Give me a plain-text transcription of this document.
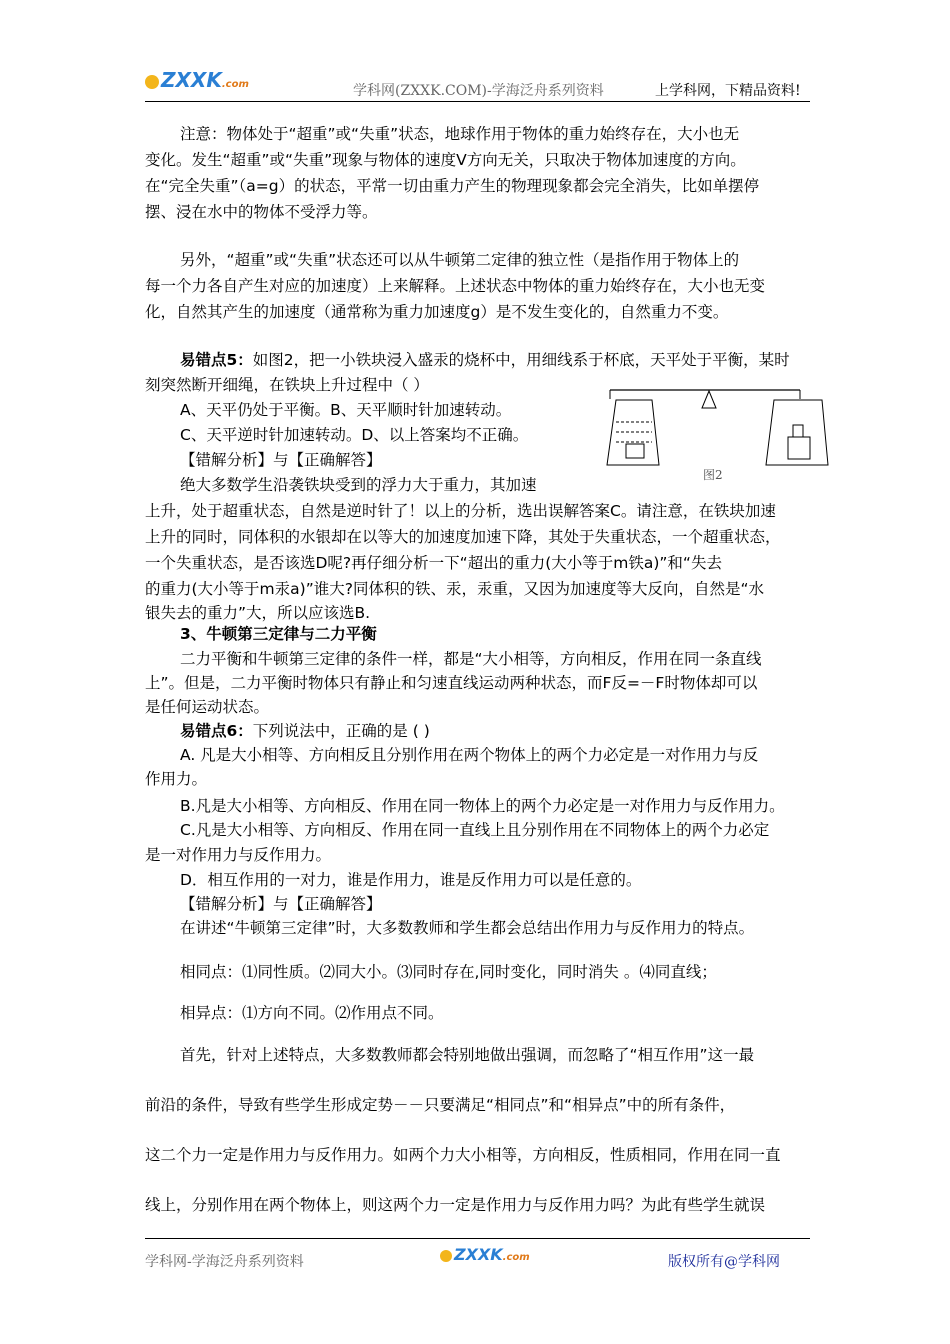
ZXXK.com	学科网(ZXXK.COM)-学海泛舟系列资料	上学科网，下精品资料!
注意：物体处于“超重”或“失重”状态，地球作用于物体的重力始终存在，大小也无
变化。发生“超重”或“失重”现象与物体的速度V方向无关，只取决于物体加速度的方向。
在“完全失重”（a=g）的状态，平常一切由重力产生的物理现象都会完全消失，比如单摆停
摆、浸在水中的物体不受浮力等。
另外，“超重”或“失重”状态还可以从牛顿第二定律的独立性（是指作用于物体上的
每一个力各自产生对应的加速度）上来解释。上述状态中物体的重力始终存在，大小也无变
化，自然其产生的加速度（通常称为重力加速度g）是不发生变化的，自然重力不变。
易错点5：如图2，把一小铁块浸入盛汞的烧杯中，用细线系于杯底，天平处于平衡，某时
刻突然断开细绳，在铁块上升过程中（ ）
A、天平仍处于平衡。B、天平顺时针加速转动。
C、天平逆时针加速转动。D、以上答案均不正确。
【错解分析】与【正确解答】
绝大多数学生沿袭铁块受到的浮力大于重力，其加速
上升，处于超重状态，自然是逆时针了！以上的分析，选出误解答案C。请注意，在铁块加速
上升的同时，同体积的水银却在以等大的加速度加速下降，其处于失重状态，一个超重状态，
一个失重状态，是否该选D呢?再仔细分析一下“超出的重力(大小等于m铁a)”和“失去
的重力(大小等于m汞a)”谁大?同体积的铁、汞，汞重，又因为加速度等大反向，自然是“水
银失去的重力”大，所以应该选B.
图2
3、牛顿第三定律与二力平衡
二力平衡和牛顿第三定律的条件一样，都是“大小相等，方向相反，作用在同一条直线
上”。但是，二力平衡时物体只有静止和匀速直线运动两种状态，而F反=－F时物体却可以
是任何运动状态。
易错点6：下列说法中，正确的是 ( )
A. 凡是大小相等、方向相反且分别作用在两个物体上的两个力必定是一对作用力与反
作用力。
B.凡是大小相等、方向相反、作用在同一物体上的两个力必定是一对作用力与反作用力。
C.凡是大小相等、方向相反、作用在同一直线上且分别作用在不同物体上的两个力必定
是一对作用力与反作用力。
D．相互作用的一对力，谁是作用力，谁是反作用力可以是任意的。
【错解分析】与【正确解答】
在讲述“牛顿第三定律”时，大多数教师和学生都会总结出作用力与反作用力的特点。
相同点：⑴同性质。⑵同大小。⑶同时存在,同时变化，同时消失 。⑷同直线；
相异点：⑴方向不同。⑵作用点不同。
首先，针对上述特点，大多数教师都会特别地做出强调，而忽略了“相互作用”这一最
前沿的条件，导致有些学生形成定势－－只要满足“相同点”和“相异点”中的所有条件，
这二个力一定是作用力与反作用力。如两个力大小相等，方向相反，性质相同，作用在同一直
线上，分别作用在两个物体上，则这两个力一定是作用力与反作用力吗？为此有些学生就误
学科网-学海泛舟系列资料	ZXXK.com	版权所有@学科网
